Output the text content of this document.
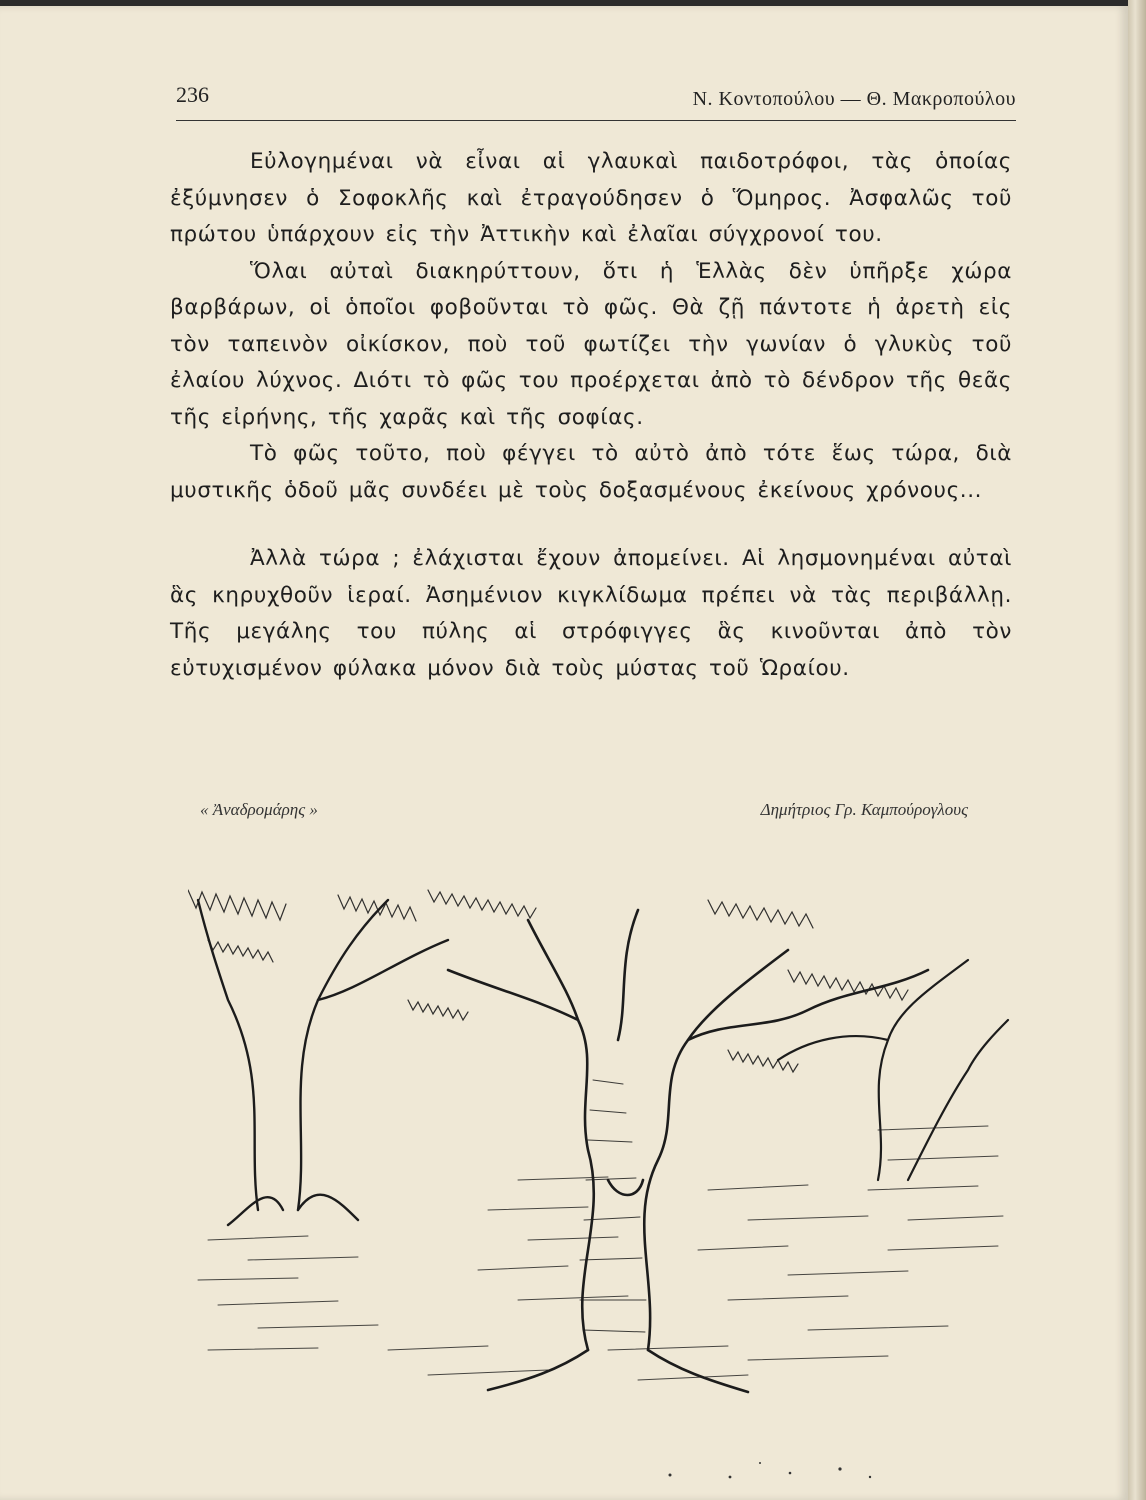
236	Ν. Κοντοπούλου — Θ. Μακροπούλου

Εὐλογημέναι νὰ εἶναι αἱ γλαυκαὶ παιδοτρόφοι, τὰς ὁποίας ἐξύμνησεν ὁ Σοφοκλῆς καὶ ἐτραγούδησεν ὁ Ὅμηρος. Ἀσφαλῶς τοῦ πρώτου ὑπάρχουν εἰς τὴν Ἀττικὴν καὶ ἐλαῖαι σύγχρονοί του.

Ὅλαι αὐταὶ διακηρύττουν, ὅτι ἡ Ἑλλὰς δὲν ὑπῆρξε χώρα βαρβάρων, οἱ ὁποῖοι φοβοῦνται τὸ φῶς. Θὰ ζῇ πάντοτε ἡ ἀρετὴ εἰς τὸν ταπεινὸν οἰκίσκον, ποὺ τοῦ φωτίζει τὴν γωνίαν ὁ γλυκὺς τοῦ ἐλαίου λύχνος. Διότι τὸ φῶς του προέρχεται ἀπὸ τὸ δένδρον τῆς θεᾶς τῆς εἰρήνης, τῆς χαρᾶς καὶ τῆς σοφίας.

Τὸ φῶς τοῦτο, ποὺ φέγγει τὸ αὐτὸ ἀπὸ τότε ἕως τώρα, διὰ μυστικῆς ὁδοῦ μᾶς συνδέει μὲ τοὺς δοξασμένους ἐκείνους χρόνους...

Ἀλλὰ τώρα ; ἐλάχισται ἔχουν ἀπομείνει. Αἱ λησμονημέναι αὐταὶ ἃς κηρυχθοῦν ἱεραί. Ἀσημένιον κιγκλίδωμα πρέπει νὰ τὰς περιβάλλῃ. Τῆς μεγάλης του πύλης αἱ στρόφιγγες ἃς κινοῦνται ἀπὸ τὸν εὐτυχισμένον φύλακα μόνον διὰ τοὺς μύστας τοῦ Ὡραίου.

« Ἀναδρομάρης »	Δημήτριος Γρ. Καμπούρογλους
